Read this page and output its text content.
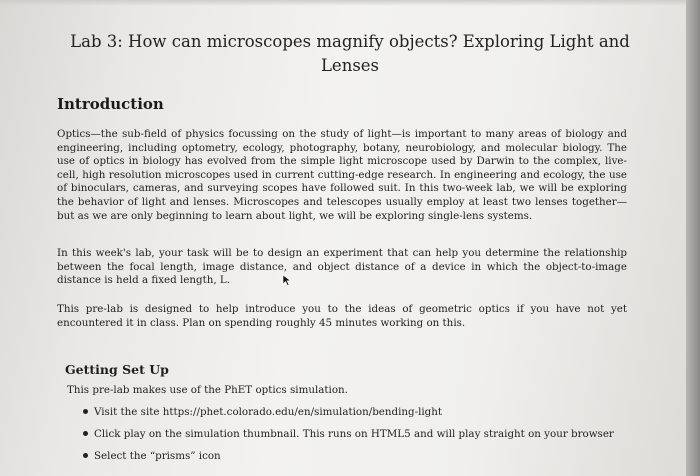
Lab 3: How can microscopes magnify objects? Exploring Light and Lenses
Introduction
Optics—the sub-field of physics focussing on the study of light—is important to many areas of biology and engineering, including optometry, ecology, photography, botany, neurobiology, and molecular biology. The use of optics in biology has evolved from the simple light microscope used by Darwin to the complex, live-cell, high resolution microscopes used in current cutting-edge research. In engineering and ecology, the use of binoculars, cameras, and surveying scopes have followed suit. In this two-week lab, we will be exploring the behavior of light and lenses. Microscopes and telescopes usually employ at least two lenses together—but as we are only beginning to learn about light, we will be exploring single-lens systems.
In this week's lab, your task will be to design an experiment that can help you determine the relationship between the focal length, image distance, and object distance of a device in which the object-to-image distance is held a fixed length, L.
This pre-lab is designed to help introduce you to the ideas of geometric optics if you have not yet encountered it in class. Plan on spending roughly 45 minutes working on this.
Getting Set Up
This pre-lab makes use of the PhET optics simulation.
Visit the site https://phet.colorado.edu/en/simulation/bending-light
Click play on the simulation thumbnail. This runs on HTML5 and will play straight on your browser
Select the “prisms” icon
